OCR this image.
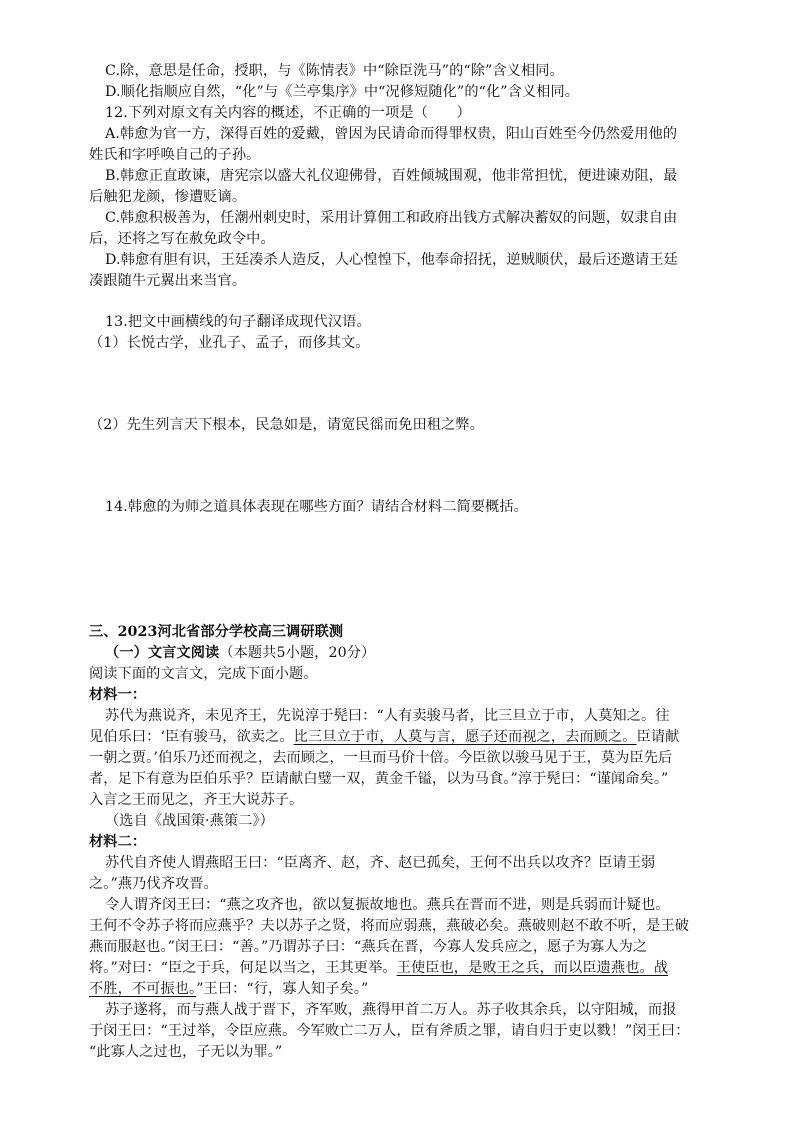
C.除，意思是任命，授职，与《陈情表》中“除臣洗马”的“除”含义相同。
D.顺化指顺应自然，“化”与《兰亭集序》中“况修短随化”的“化”含义相同。
12.下列对原文有关内容的概述，不正确的一项是（　　）
A.韩愈为官一方，深得百姓的爱戴，曾因为民请命而得罪权贵，阳山百姓至今仍然爱用他的
姓氏和字呼唤自己的子孙。
B.韩愈正直敢谏，唐宪宗以盛大礼仪迎佛骨，百姓倾城围观，他非常担忧，便进谏劝阻，最
后触犯龙颜，惨遭贬谪。
C.韩愈积极善为，任潮州刺史时，采用计算佣工和政府出钱方式解决蓄奴的问题，奴隶自由
后，还将之写在赦免政令中。
D.韩愈有胆有识，王廷凑杀人造反，人心惶惶下，他奉命招抚，逆贼顺伏，最后还邀请王廷
凑跟随牛元翼出来当官。
13.把文中画横线的句子翻译成现代汉语。
（1）长悦古学，业孔子、孟子，而侈其文。
（2）先生列言天下根本，民急如是，请宽民徭而免田租之弊。
14.韩愈的为师之道具体表现在哪些方面？请结合材料二简要概括。
三、2023河北省部分学校高三调研联测
（一）文言文阅读（本题共5小题，20分）
阅读下面的文言文，完成下面小题。
材料一：
苏代为燕说齐，未见齐王，先说淳于髡曰：“人有卖骏马者，比三旦立于市，人莫知之。往
见伯乐曰：‘臣有骏马，欲卖之。比三旦立于市，人莫与言，愿子还而视之，去而顾之。臣请献
一朝之贾。’伯乐乃还而视之，去而顾之，一旦而马价十倍。今臣欲以骏马见于王，莫为臣先后
者，足下有意为臣伯乐乎？臣请献白璧一双，黄金千镒，以为马食。”淳于髡曰：“谨闻命矣。”
入言之王而见之，齐王大说苏子。
（选自《战国策·燕策二》）
材料二：
苏代自齐使人谓燕昭王曰：“臣离齐、赵，齐、赵已孤矣，王何不出兵以攻齐？臣请王弱
之。”燕乃伐齐攻晋。
令人谓齐闵王曰：“燕之攻齐也，欲以复振故地也。燕兵在晋而不进，则是兵弱而计疑也。
王何不令苏子将而应燕乎？夫以苏子之贤，将而应弱燕，燕破必矣。燕破则赵不敢不听，是王破
燕而服赵也。”闵王曰：“善。”乃谓苏子曰：“燕兵在晋，今寡人发兵应之，愿子为寡人为之
将。”对曰：“臣之于兵，何足以当之，王其更举。王使臣也，是败王之兵，而以臣遗燕也。战
不胜，不可振也。”王曰：“行，寡人知子矣。”
苏子遂将，而与燕人战于晋下，齐军败，燕得甲首二万人。苏子收其余兵，以守阳城，而报
于闵王曰：“王过举，令臣应燕。今军败亡二万人，臣有斧质之罪，请自归于吏以戮！”闵王曰：
“此寡人之过也，子无以为罪。”
